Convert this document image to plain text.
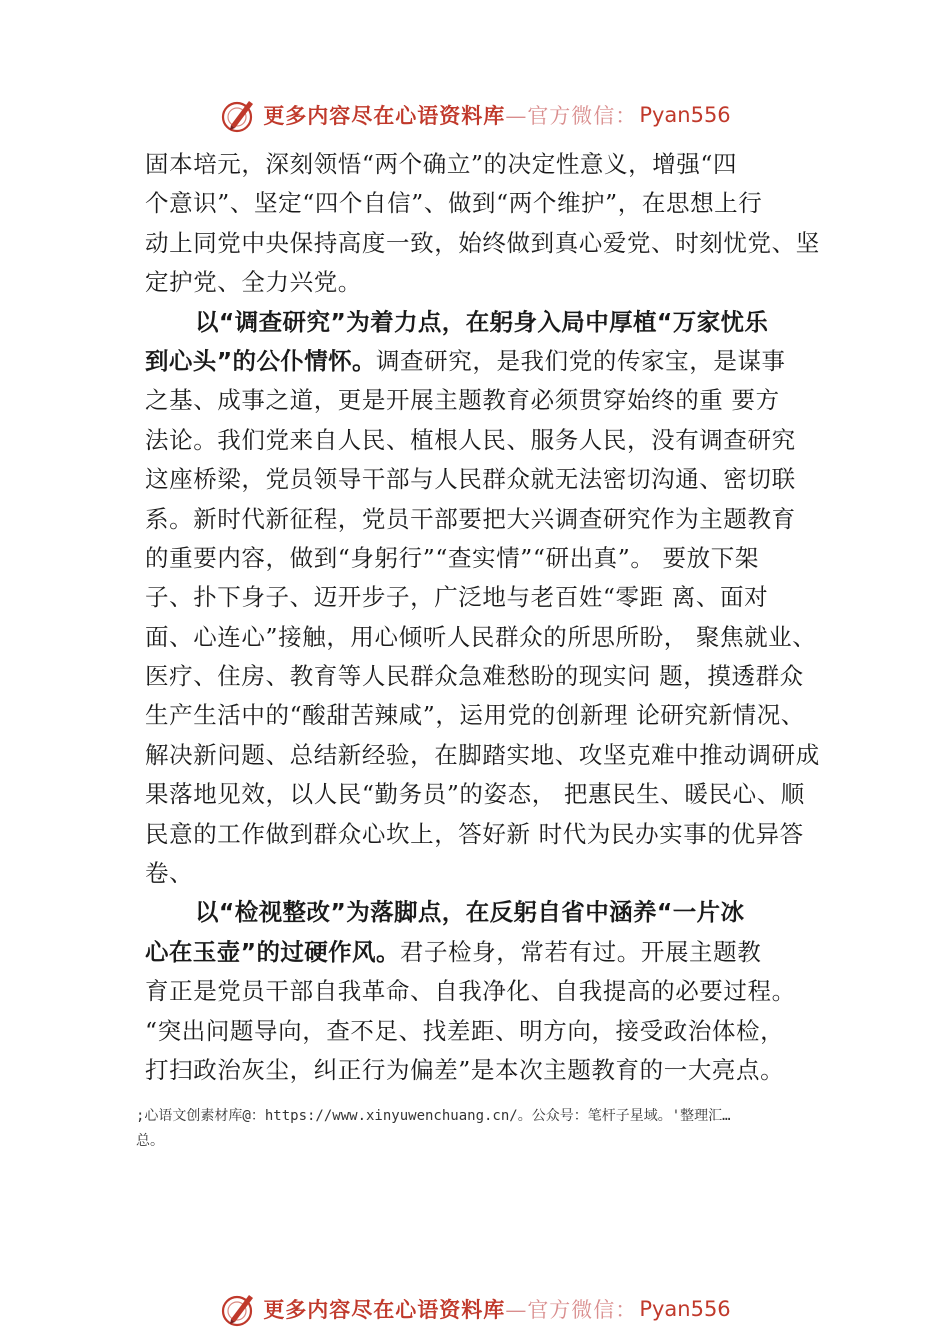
更多内容尽在心语资料库 —官方微信： Pyan556
固本培元，深刻领悟“两个确立”的决定性意义，增强“四
个意识”、坚定“四个自信”、做到“两个维护”，在思想上行
动上同党中央保持高度一致，始终做到真心爱党、时刻忧党、坚
定护党、全力兴党。
以“调查研究”为着力点，在躬身入局中厚植“万家忧乐
到心头”的公仆情怀。调查研究，是我们党的传家宝，是谋事
之基、成事之道，更是开展主题教育必须贯穿始终的重 要方
法论。我们党来自人民、植根人民、服务人民，没有调查研究
这座桥梁，党员领导干部与人民群众就无法密切沟通、密切联
系。新时代新征程，党员干部要把大兴调查研究作为主题教育
的重要内容，做到“身躬行”“查实情”“研出真”。 要放下架
子、扑下身子、迈开步子，广泛地与老百姓“零距 离、面对
面、心连心”接触，用心倾听人民群众的所思所盼， 聚焦就业、
医疗、住房、教育等人民群众急难愁盼的现实问 题，摸透群众
生产生活中的“酸甜苦辣咸”，运用党的创新理 论研究新情况、
解决新问题、总结新经验，在脚踏实地、攻坚克难中推动调研成
果落地见效，以人民“勤务员”的姿态， 把惠民生、暖民心、顺
民意的工作做到群众心坎上，答好新 时代为民办实事的优异答
卷、
以“检视整改”为落脚点，在反躬自省中涵养“一片冰
心在玉壶”的过硬作风。君子检身，常若有过。开展主题教
育正是党员干部自我革命、自我净化、自我提高的必要过程。
“突出问题导向，查不足、找差距、明方向，接受政治体检，
打扫政治灰尘，纠正行为偏差”是本次主题教育的一大亮点。
;心语文创素材库@：https://www.xinyuwenchuang.cn/。公众号：笔杆子星域。'整理汇…
总。
更多内容尽在心语资料库 —官方微信： Pyan556
